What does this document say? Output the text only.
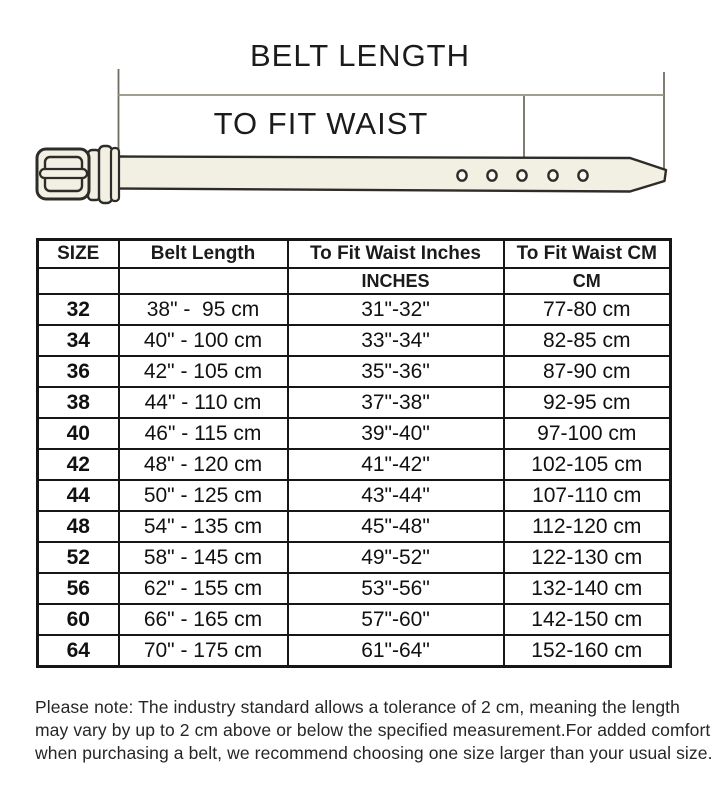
BELT LENGTH
TO FIT WAIST
SIZE	Belt Length	To Fit Waist Inches	To Fit Waist CM
		INCHES	CM
32	38" -  95 cm	31"-32"	77-80 cm
34	40" - 100 cm	33"-34"	82-85 cm
36	42" - 105 cm	35"-36"	87-90 cm
38	44" - 110 cm	37"-38"	92-95 cm
40	46" - 115 cm	39"-40"	97-100 cm
42	48" - 120 cm	41"-42"	102-105 cm
44	50" - 125 cm	43"-44"	107-110 cm
48	54" - 135 cm	45"-48"	112-120 cm
52	58" - 145 cm	49"-52"	122-130 cm
56	62" - 155 cm	53"-56"	132-140 cm
60	66" - 165 cm	57"-60"	142-150 cm
64	70" - 175 cm	61"-64"	152-160 cm

Please note: The industry standard allows a tolerance of 2 cm, meaning the length may vary by up to 2 cm above or below the specified measurement.For added comfort when purchasing a belt, we recommend choosing one size larger than your usual size.
